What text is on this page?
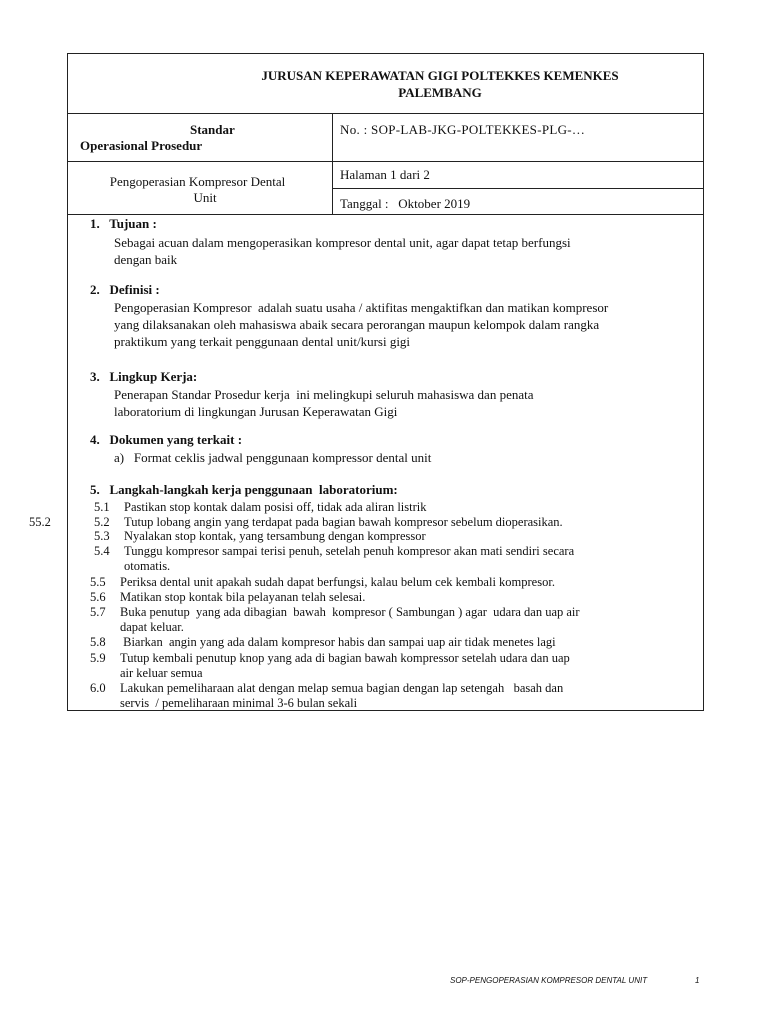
JURUSAN KEPERAWATAN GIGI POLTEKKES KEMENKES
PALEMBANG
Standar
Operasional Prosedur
No. : SOP-LAB-JKG-POLTEKKES-PLG-…
Pengoperasian Kompresor Dental
Unit
Halaman 1 dari 2
Tanggal : Oktober 2019
1.   Tujuan :
Sebagai acuan dalam mengoperasikan kompresor dental unit, agar dapat tetap berfungsi
dengan baik
2.   Definisi :
Pengoperasian Kompresor  adalah suatu usaha / aktifitas mengaktifkan dan matikan kompresor
yang dilaksanakan oleh mahasiswa abaik secara perorangan maupun kelompok dalam rangka
praktikum yang terkait penggunaan dental unit/kursi gigi
3.   Lingkup Kerja:
Penerapan Standar Prosedur kerja  ini melingkupi seluruh mahasiswa dan penata
laboratorium di lingkungan Jurusan Keperawatan Gigi
4.   Dokumen yang terkait :
a)   Format ceklis jadwal penggunaan kompressor dental unit
5.   Langkah-langkah kerja penggunaan  laboratorium:
55.2
5.1 Pastikan stop kontak dalam posisi off, tidak ada aliran listrik
5.2 Tutup lobang angin yang terdapat pada bagian bawah kompresor sebelum dioperasikan.
5.3 Nyalakan stop kontak, yang tersambung dengan kompressor
5.4 Tunggu kompresor sampai terisi penuh, setelah penuh kompresor akan mati sendiri secara
otomatis.
5.5 Periksa dental unit apakah sudah dapat berfungsi, kalau belum cek kembali kompresor.
5.6 Matikan stop kontak bila pelayanan telah selesai.
5.7 Buka penutup  yang ada dibagian  bawah  kompresor ( Sambungan ) agar  udara dan uap air
dapat keluar.
5.8 Biarkan  angin yang ada dalam kompresor habis dan sampai uap air tidak menetes lagi
5.9 Tutup kembali penutup knop yang ada di bagian bawah kompressor setelah udara dan uap
air keluar semua
6.0 Lakukan pemeliharaan alat dengan melap semua bagian dengan lap setengah   basah dan
servis  / pemeliharaan minimal 3-6 bulan sekali
SOP-PENGOPERASIAN KOMPRESOR DENTAL UNIT	1
